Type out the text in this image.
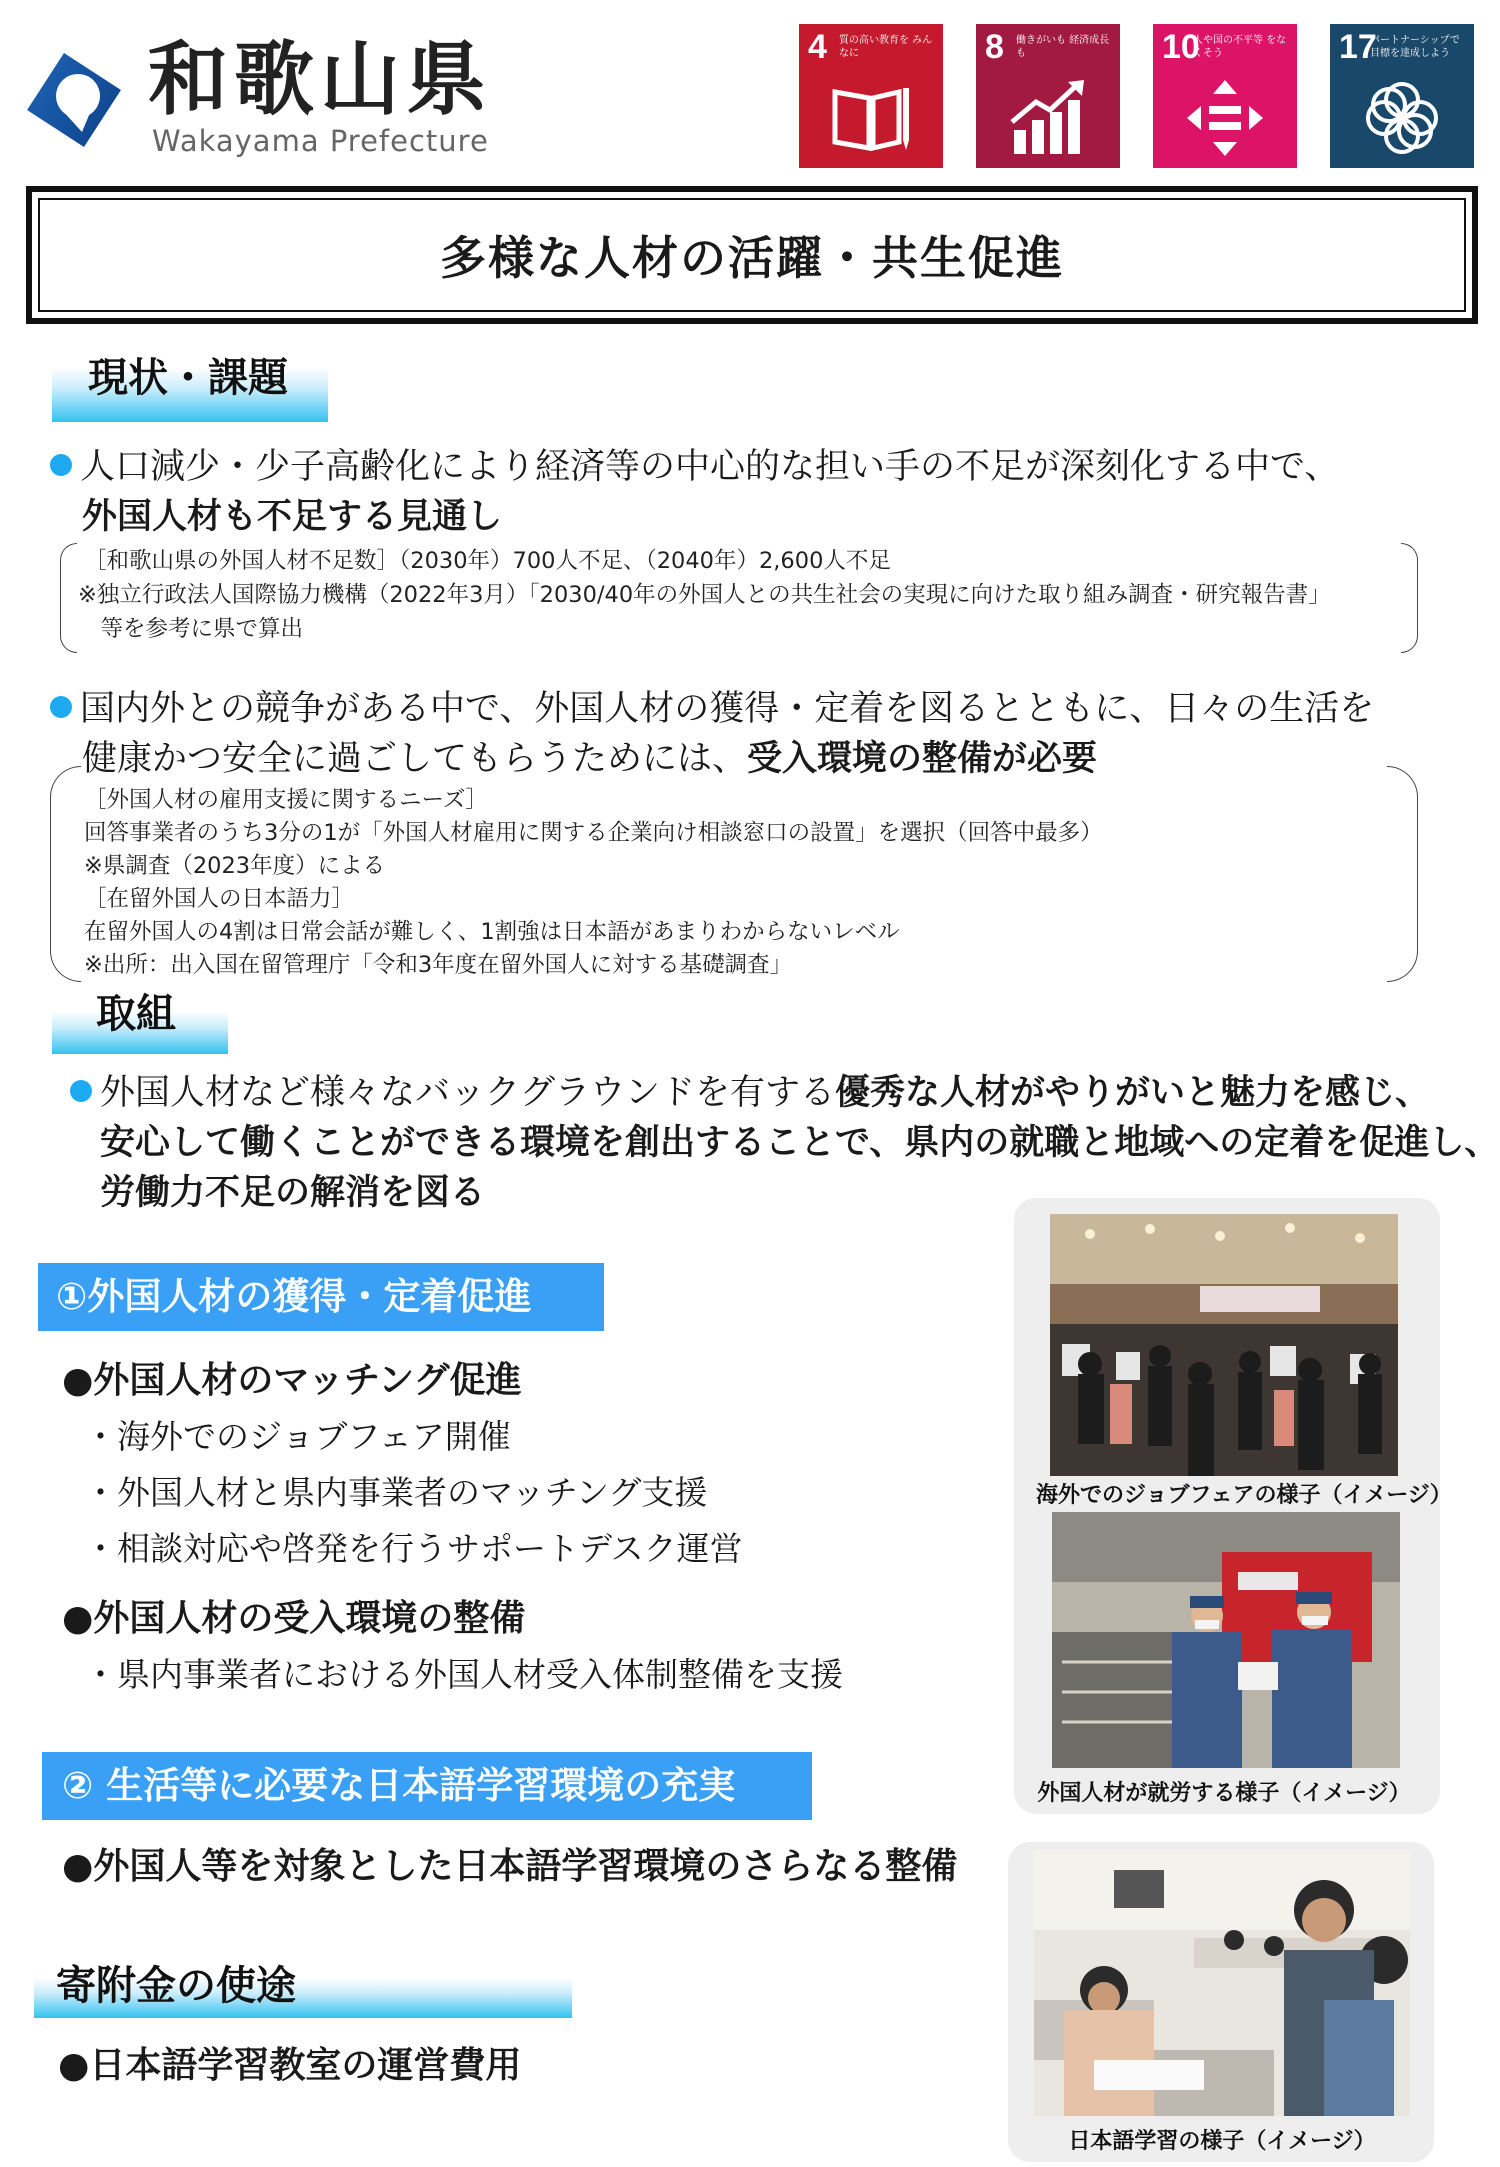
和歌山県
Wakayama Prefecture
4 質の高い教育を みんなに	8 働きがいも 経済成長も	10
人や国の不平等 をなくそう	17
パートナーシップで 目標を達成しよう
多様な人材の活躍・共生促進
現状・課題
人口減少・少子高齢化により経済等の中心的な担い手の不足が深刻化する中で、
外国人材も不足する見通し
［和歌山県の外国人材不足数］（2030年）700人不足、（2040年）2,600人不足
※独立行政法人国際協力機構（2022年3月）「2030/40年の外国人との共生社会の実現に向けた取り組み調査・研究報告書」
　等を参考に県で算出
国内外との競争がある中で、外国人材の獲得・定着を図るとともに、日々の生活を
健康かつ安全に過ごしてもらうためには、受入環境の整備が必要
［外国人材の雇用支援に関するニーズ］
回答事業者のうち3分の1が「外国人材雇用に関する企業向け相談窓口の設置」を選択（回答中最多）
※県調査（2023年度）による
［在留外国人の日本語力］
在留外国人の4割は日常会話が難しく、1割強は日本語があまりわからないレベル
※出所：出入国在留管理庁「令和3年度在留外国人に対する基礎調査」
取組
外国人材など様々なバックグラウンドを有する優秀な人材がやりがいと魅力を感じ、
安心して働くことができる環境を創出することで、県内の就職と地域への定着を促進し、
労働力不足の解消を図る
①外国人材の獲得・定着促進
●外国人材のマッチング促進
・海外でのジョブフェア開催
・外国人材と県内事業者のマッチング支援
・相談対応や啓発を行うサポートデスク運営
●外国人材の受入環境の整備
・県内事業者における外国人材受入体制整備を支援
② 生活等に必要な日本語学習環境の充実
●外国人等を対象とした日本語学習環境のさらなる整備
寄附金の使途
●日本語学習教室の運営費用
海外でのジョブフェアの様子（イメージ）
外国人材が就労する様子（イメージ）
日本語学習の様子（イメージ）
